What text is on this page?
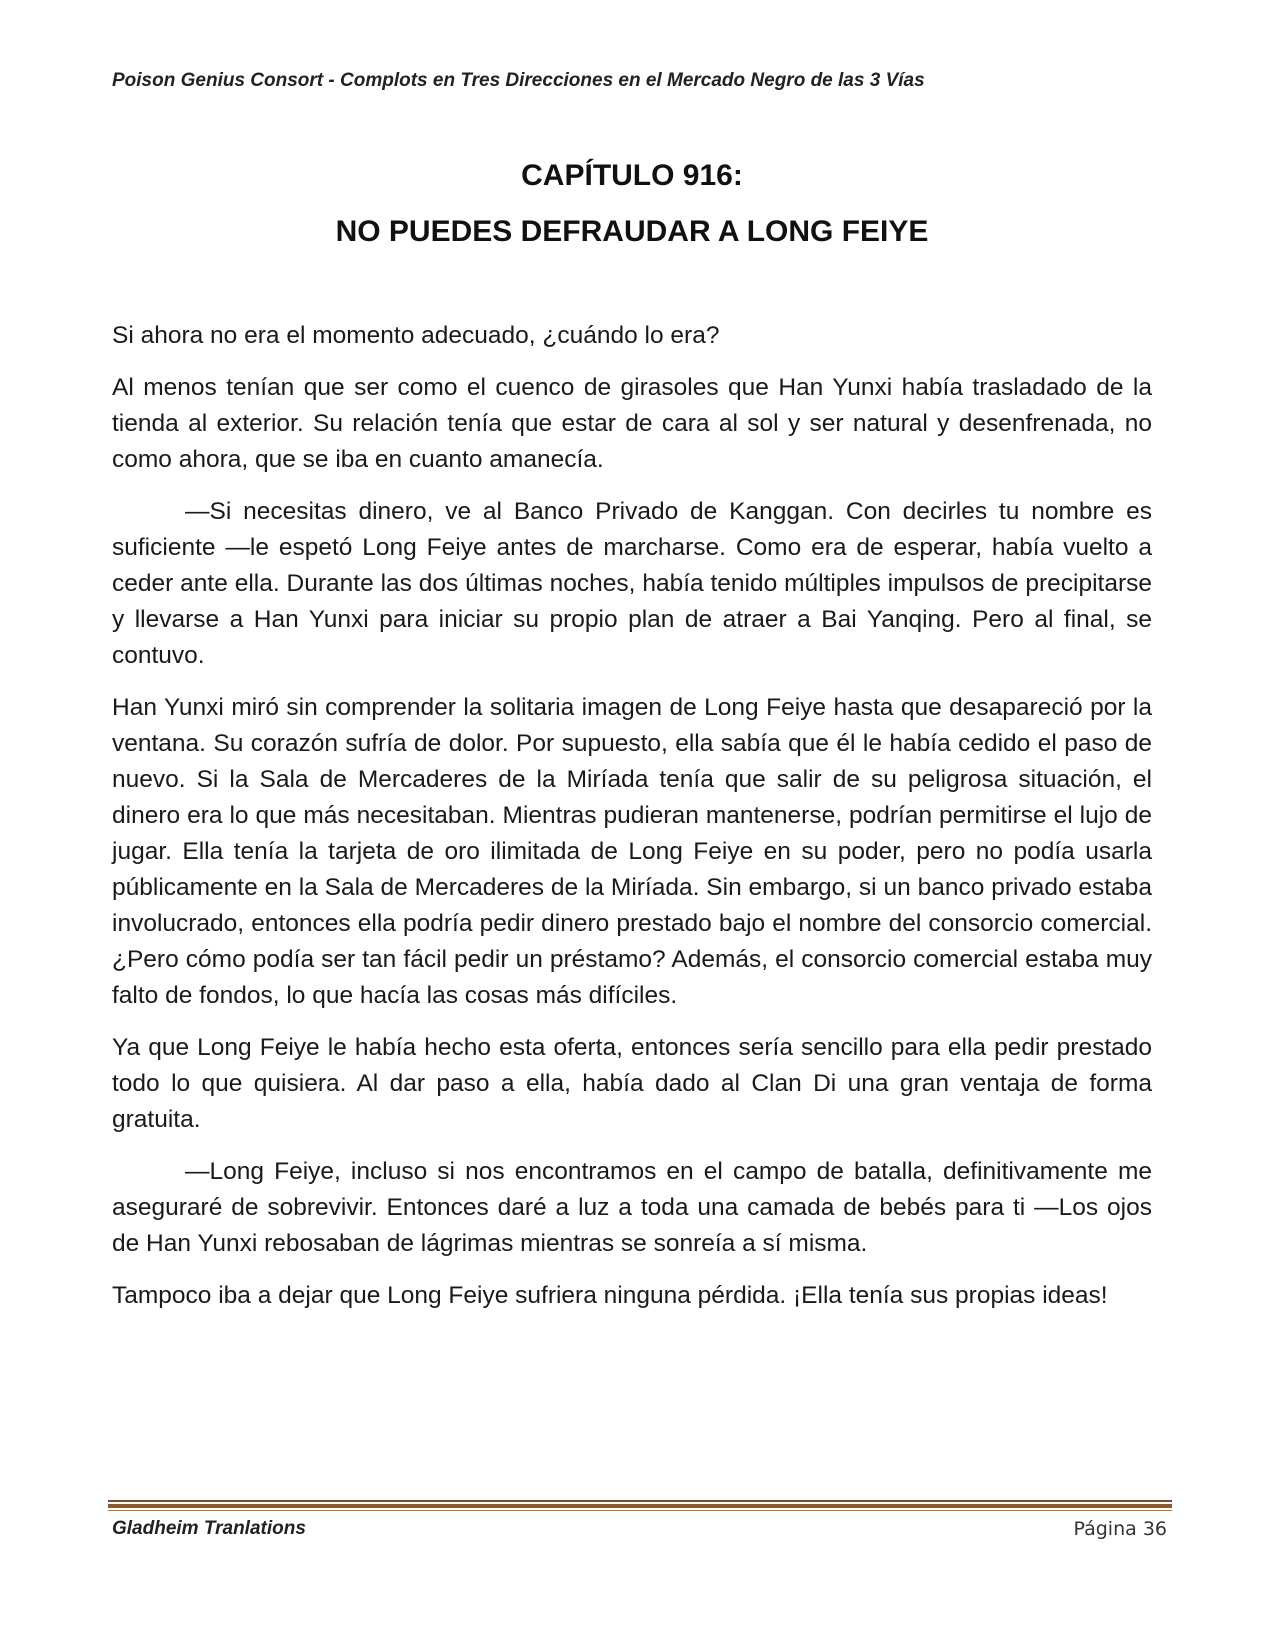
Poison Genius Consort - Complots en Tres Direcciones en el Mercado Negro de las 3 Vías
CAPÍTULO 916:
NO PUEDES DEFRAUDAR A LONG FEIYE

Si ahora no era el momento adecuado, ¿cuándo lo era?

Al menos tenían que ser como el cuenco de girasoles que Han Yunxi había trasladado de la tienda al exterior. Su relación tenía que estar de cara al sol y ser natural y desenfrenada, no como ahora, que se iba en cuanto amanecía.

—Si necesitas dinero, ve al Banco Privado de Kanggan. Con decirles tu nombre es suficiente —le espetó Long Feiye antes de marcharse. Como era de esperar, había vuelto a ceder ante ella. Durante las dos últimas noches, había tenido múltiples impulsos de precipitarse y llevarse a Han Yunxi para iniciar su propio plan de atraer a Bai Yanqing. Pero al final, se contuvo.

Han Yunxi miró sin comprender la solitaria imagen de Long Feiye hasta que desapareció por la ventana. Su corazón sufría de dolor. Por supuesto, ella sabía que él le había cedido el paso de nuevo. Si la Sala de Mercaderes de la Miríada tenía que salir de su peligrosa situación, el dinero era lo que más necesitaban. Mientras pudieran mantenerse, podrían permitirse el lujo de jugar. Ella tenía la tarjeta de oro ilimitada de Long Feiye en su poder, pero no podía usarla públicamente en la Sala de Mercaderes de la Miríada. Sin embargo, si un banco privado estaba involucrado, entonces ella podría pedir dinero prestado bajo el nombre del consorcio comercial. ¿Pero cómo podía ser tan fácil pedir un préstamo? Además, el consorcio comercial estaba muy falto de fondos, lo que hacía las cosas más difíciles.

Ya que Long Feiye le había hecho esta oferta, entonces sería sencillo para ella pedir prestado todo lo que quisiera. Al dar paso a ella, había dado al Clan Di una gran ventaja de forma gratuita.

—Long Feiye, incluso si nos encontramos en el campo de batalla, definitivamente me aseguraré de sobrevivir. Entonces daré a luz a toda una camada de bebés para ti —Los ojos de Han Yunxi rebosaban de lágrimas mientras se sonreía a sí misma.

Tampoco iba a dejar que Long Feiye sufriera ninguna pérdida. ¡Ella tenía sus propias ideas!

Gladheim Tranlations	Página 36
